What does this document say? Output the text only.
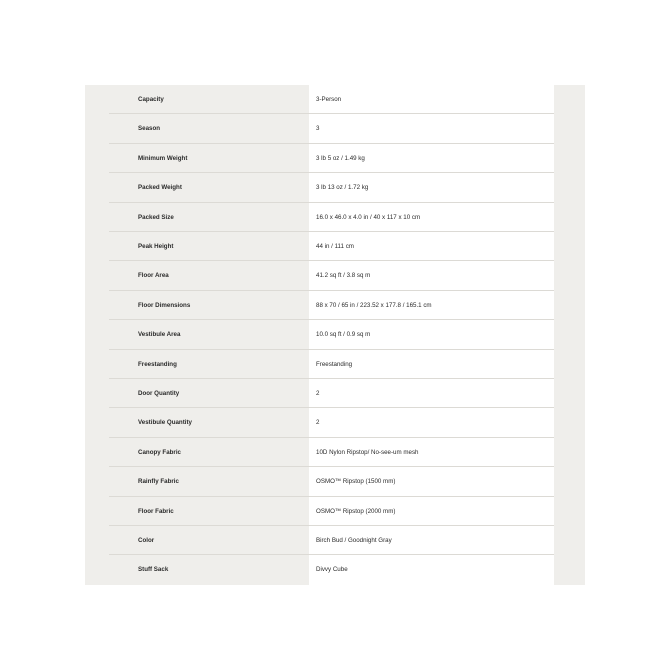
Capacity	3-Person
Season	3
Minimum Weight	3 lb 5 oz / 1.49 kg
Packed Weight	3 lb 13 oz / 1.72 kg
Packed Size	16.0 x 46.0 x 4.0 in / 40 x 117 x 10 cm
Peak Height	44 in / 111 cm
Floor Area	41.2 sq ft / 3.8 sq m
Floor Dimensions	88 x 70 / 65 in / 223.52 x 177.8 / 165.1 cm
Vestibule Area	10.0 sq ft / 0.9 sq m
Freestanding	Freestanding
Door Quantity	2
Vestibule Quantity	2
Canopy Fabric	10D Nylon Ripstop/ No-see-um mesh
Rainfly Fabric	OSMO™ Ripstop (1500 mm)
Floor Fabric	OSMO™ Ripstop (2000 mm)
Color	Birch Bud / Goodnight Gray
Stuff Sack	Divvy Cube
